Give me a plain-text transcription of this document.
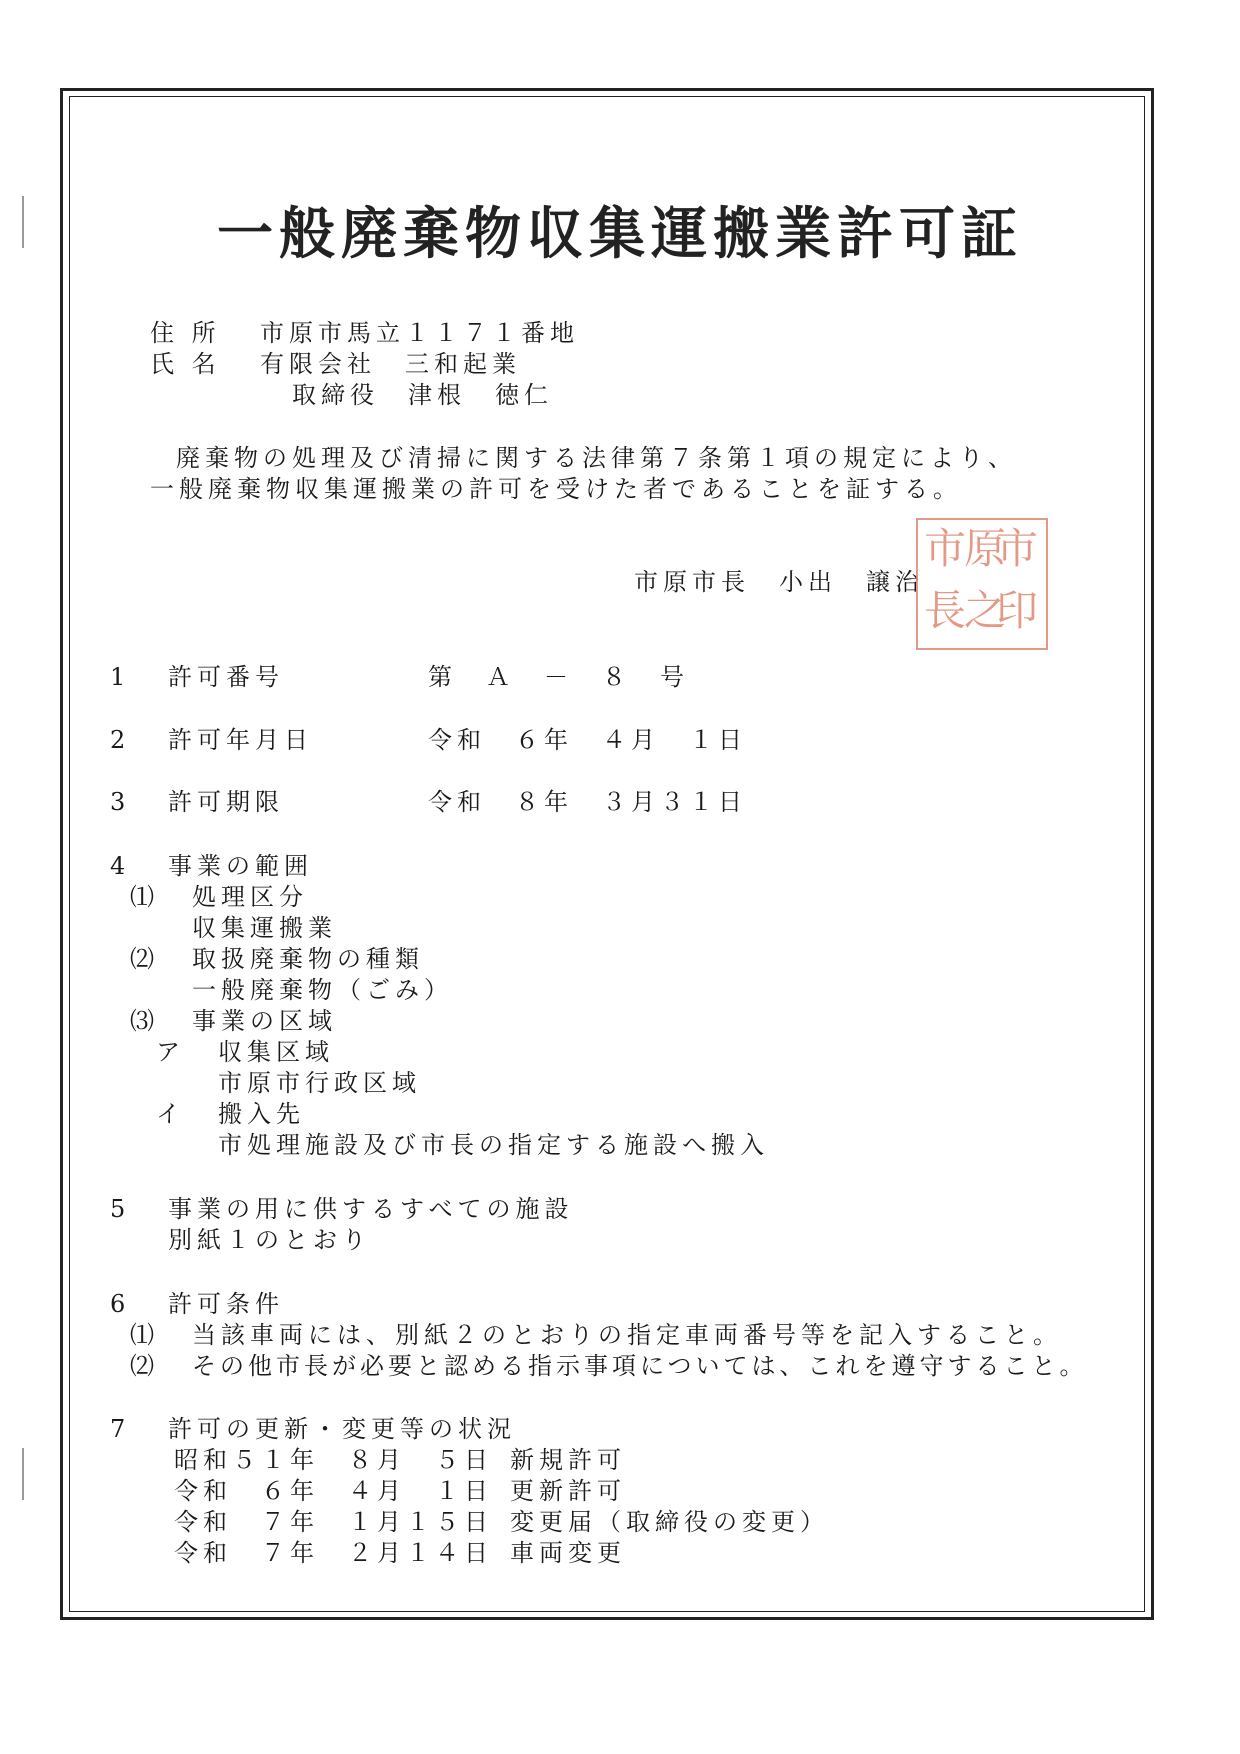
一般廃棄物収集運搬業許可証
住 所 市原市馬立１１７１番地
氏 名 有限会社　三和起業
取締役　津根　徳仁
廃棄物の処理及び清掃に関する法律第７条第１項の規定により、
一般廃棄物収集運搬業の許可を受けた者であることを証する。
市原市長　小出　譲治
市
原
之
市
長 印
1 許可番号	第　Ａ　－　８　号
2 許可年月日	令和　６年　４月　１日
3 許可期限	令和　８年　３月３１日
4 事業の範囲
⑴ 処理区分
収集運搬業
⑵ 取扱廃棄物の種類
一般廃棄物（ごみ）
⑶ 事業の区域
ア 収集区域
市原市行政区域
イ 搬入先
市処理施設及び市長の指定する施設へ搬入
5 事業の用に供するすべての施設
別紙１のとおり
6 許可条件
⑴ 当該車両には、別紙２のとおりの指定車両番号等を記入すること。
⑵ その他市長が必要と認める指示事項については、これを遵守すること。
7 許可の更新・変更等の状況
昭和５１年　８月　５日 新規許可
令和　６年　４月　１日 更新許可
令和　７年　１月１５日 変更届（取締役の変更）
令和　７年　２月１４日 車両変更
